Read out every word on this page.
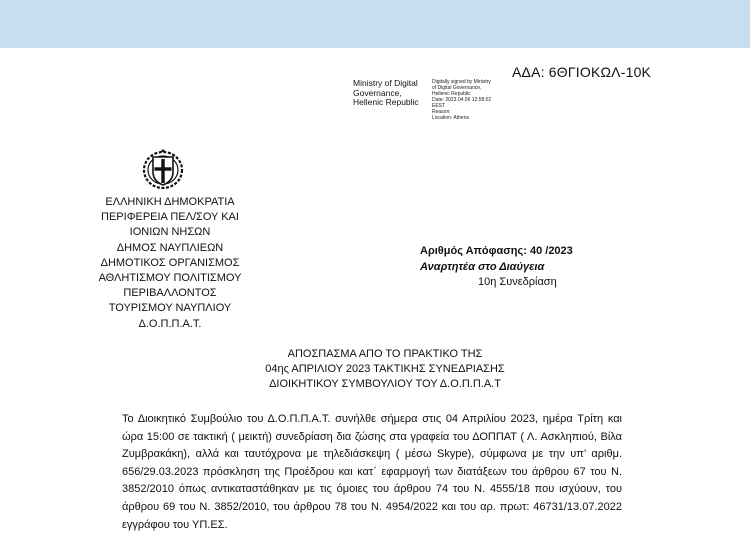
ΑΔΑ: 6ΘΓΙΟΚΩΛ-10Κ
Ministry of Digital
Governance,
Hellenic Republic
Digitally signed by Ministry
of Digital Governance,
Hellenic Republic
Date: 2023.04.06 12:58:02
EEST
Reason:
Location: Athens
ΕΛΛΗΝΙΚΗ ΔΗΜΟΚΡΑΤΙΑ
ΠΕΡΙΦΕΡΕΙΑ ΠΕΛ/ΣΟΥ ΚΑΙ
ΙΟΝΙΩΝ ΝΗΣΩΝ
ΔΗΜΟΣ ΝΑΥΠΛΙΕΩΝ
ΔΗΜΟΤΙΚΟΣ ΟΡΓΑΝΙΣΜΟΣ
ΑΘΛΗΤΙΣΜΟΥ ΠΟΛΙΤΙΣΜΟΥ
ΠΕΡΙΒΑΛΛΟΝΤΟΣ
ΤΟΥΡΙΣΜΟΥ ΝΑΥΠΛΙΟΥ
Δ.Ο.Π.Π.Α.Τ.
Αριθμός Απόφασης: 40 /2023
Αναρτητέα στο Διαύγεια
10η Συνεδρίαση
ΑΠΟΣΠΑΣΜΑ ΑΠΟ ΤΟ ΠΡΑΚΤΙΚΟ ΤΗΣ
04ης ΑΠΡΙΛΙΟΥ 2023 ΤΑΚΤΙΚΗΣ ΣΥΝΕΔΡΙΑΣΗΣ
ΔΙΟΙΚΗΤΙΚΟΥ ΣΥΜΒΟΥΛΙΟΥ ΤΟΥ Δ.Ο.Π.Π.Α.Τ
Το Διοικητικό Συμβούλιο του Δ.Ο.Π.Π.Α.Τ. συνήλθε σήμερα στις 04 Απριλίου 2023, ημέρα Τρίτη και ώρα 15:00 σε τακτική ( μεικτή) συνεδρίαση δια ζώσης στα γραφεία του ΔΟΠΠΑΤ ( Λ. Ασκληπιού, Βίλα Ζυμβρακάκη), αλλά και ταυτόχρονα με τηλεδιάσκεψη ( μέσω Skype), σύμφωνα με την υπ’ αριθμ. 656/29.03.2023 πρόσκληση της Προέδρου και κατ΄ εφαρμογή των διατάξεων του άρθρου 67 του Ν. 3852/2010 όπως αντικαταστάθηκαν με τις όμοιες του άρθρου 74 του Ν. 4555/18 που ισχύουν, του άρθρου 69 του Ν. 3852/2010, του άρθρου 78 του Ν. 4954/2022 και του αρ. πρωτ: 46731/13.07.2022 εγγράφου του ΥΠ.ΕΣ.
